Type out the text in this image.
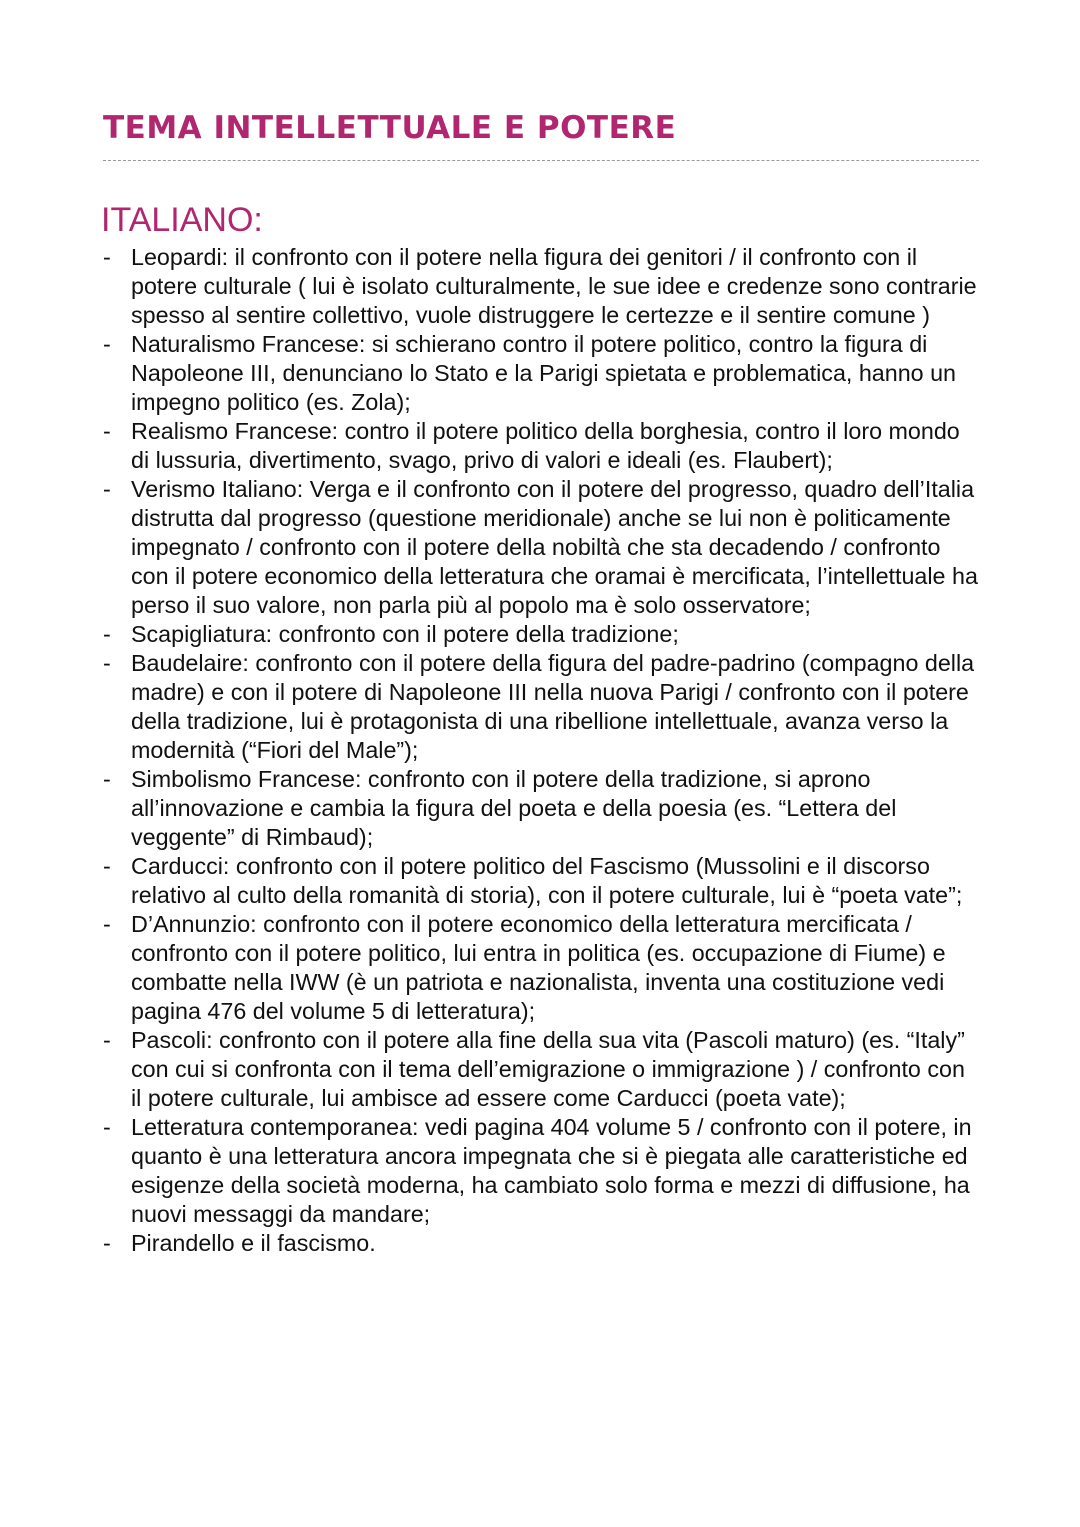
TEMA INTELLETTUALE E POTERE
ITALIANO:
- Leopardi: il confronto con il potere nella figura dei genitori / il confronto con il potere culturale ( lui è isolato culturalmente, le sue idee e credenze sono contrarie spesso al sentire collettivo, vuole distruggere le certezze e il sentire comune )
- Naturalismo Francese: si schierano contro il potere politico, contro la figura di Napoleone III, denunciano lo Stato e la Parigi spietata e problematica, hanno un impegno politico (es. Zola);
- Realismo Francese: contro il potere politico della borghesia, contro il loro mondo di lussuria, divertimento, svago, privo di valori e ideali (es. Flaubert);
- Verismo Italiano: Verga e il confronto con il potere del progresso, quadro dell’Italia distrutta dal progresso (questione meridionale) anche se lui non è politicamente impegnato / confronto con il potere della nobiltà che sta decadendo / confronto con il potere economico della letteratura che oramai è mercificata, l’intellettuale ha perso il suo valore, non parla più al popolo ma è solo osservatore;
- Scapigliatura: confronto con il potere della tradizione;
- Baudelaire: confronto con il potere della figura del padre-padrino (compagno della madre) e con il potere di Napoleone III nella nuova Parigi / confronto con il potere della tradizione, lui è protagonista di una ribellione intellettuale, avanza verso la modernità (“Fiori del Male”);
- Simbolismo Francese: confronto con il potere della tradizione, si aprono all’innovazione e cambia la figura del poeta e della poesia (es. “Lettera del veggente” di Rimbaud);
- Carducci: confronto con il potere politico del Fascismo (Mussolini e il discorso relativo al culto della romanità di storia), con il potere culturale, lui è “poeta vate”;
- D’Annunzio: confronto con il potere economico della letteratura mercificata / confronto con il potere politico, lui entra in politica (es. occupazione di Fiume) e combatte nella IWW (è un patriota e nazionalista, inventa una costituzione vedi pagina 476 del volume 5 di letteratura);
- Pascoli: confronto con il potere alla fine della sua vita (Pascoli maturo) (es. “Italy” con cui si confronta con il tema dell’emigrazione o immigrazione ) / confronto con il potere culturale, lui ambisce ad essere come Carducci (poeta vate);
- Letteratura contemporanea: vedi pagina 404 volume 5 / confronto con il potere, in quanto è una letteratura ancora impegnata che si è piegata alle caratteristiche ed esigenze della società moderna, ha cambiato solo forma e mezzi di diffusione, ha nuovi messaggi da mandare;
- Pirandello e il fascismo.
